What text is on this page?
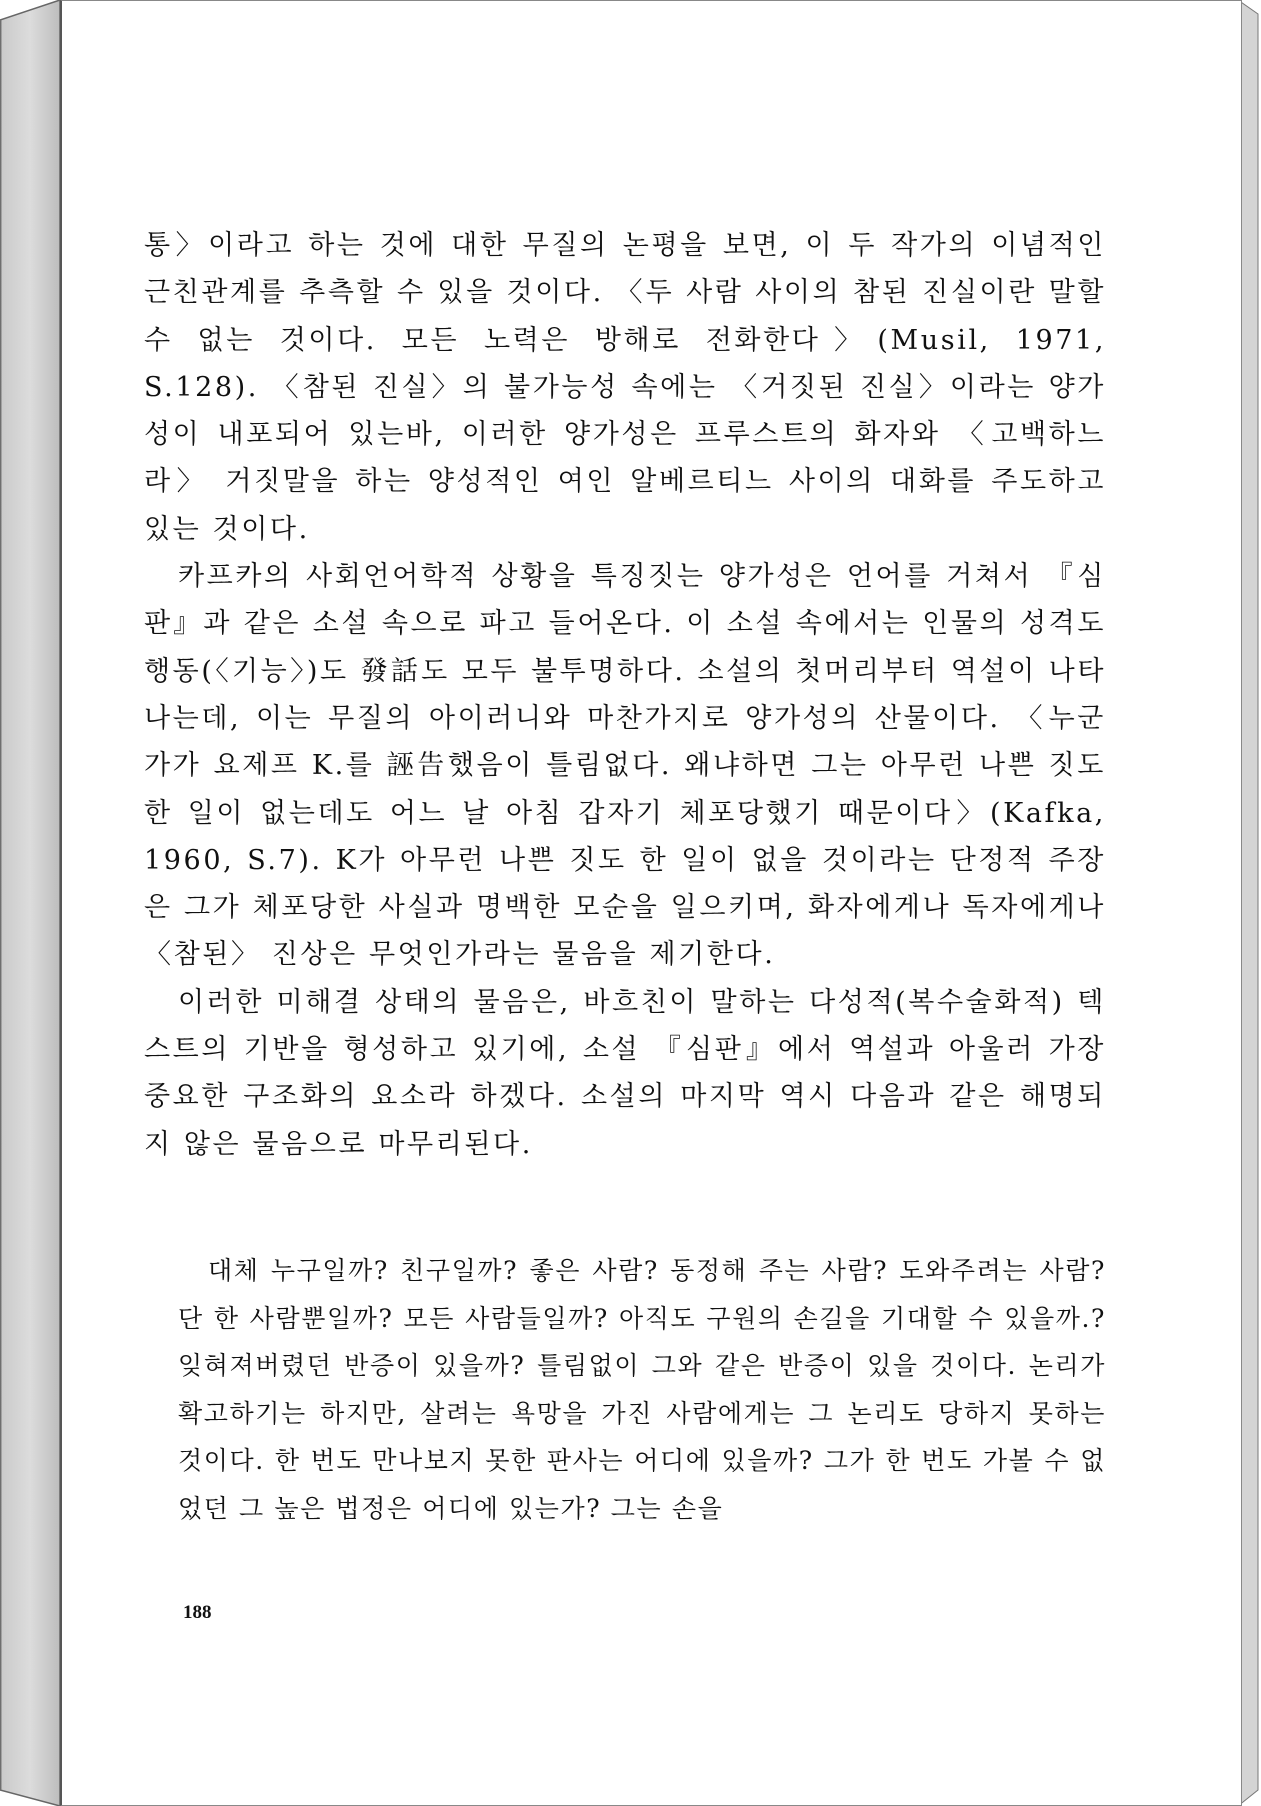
통〉이라고 하는 것에 대한 무질의 논평을 보면, 이 두 작가의 이념적인 근친관계를 추측할 수 있을 것이다. 〈두 사람 사이의 참된 진실이란 말할 수 없는 것이다. 모든 노력은 방해로 전화한다〉(Musil, 1971, S.128). 〈참된 진실〉의 불가능성 속에는 〈거짓된 진실〉이라는 양가성이 내포되어 있는바, 이러한 양가성은 프루스트의 화자와 〈고백하느라〉 거짓말을 하는 양성적인 여인 알베르티느 사이의 대화를 주도하고 있는 것이다.

카프카의 사회언어학적 상황을 특징짓는 양가성은 언어를 거쳐서 『심판』과 같은 소설 속으로 파고 들어온다. 이 소설 속에서는 인물의 성격도 행동(〈기능〉)도 發話도 모두 불투명하다. 소설의 첫머리부터 역설이 나타나는데, 이는 무질의 아이러니와 마찬가지로 양가성의 산물이다. 〈누군가가 요제프 K.를 誣告했음이 틀림없다. 왜냐하면 그는 아무런 나쁜 짓도 한 일이 없는데도 어느 날 아침 갑자기 체포당했기 때문이다〉(Kafka, 1960, S.7). K가 아무런 나쁜 짓도 한 일이 없을 것이라는 단정적 주장은 그가 체포당한 사실과 명백한 모순을 일으키며, 화자에게나 독자에게나 〈참된〉 진상은 무엇인가라는 물음을 제기한다.

이러한 미해결 상태의 물음은, 바흐친이 말하는 다성적(복수술화적) 텍스트의 기반을 형성하고 있기에, 소설 『심판』에서 역설과 아울러 가장 중요한 구조화의 요소라 하겠다. 소설의 마지막 역시 다음과 같은 해명되지 않은 물음으로 마무리된다.

대체 누구일까? 친구일까? 좋은 사람? 동정해 주는 사람? 도와주려는 사람? 단 한 사람뿐일까? 모든 사람들일까? 아직도 구원의 손길을 기대할 수 있을까.? 잊혀져버렸던 반증이 있을까? 틀림없이 그와 같은 반증이 있을 것이다. 논리가 확고하기는 하지만, 살려는 욕망을 가진 사람에게는 그 논리도 당하지 못하는 것이다. 한 번도 만나보지 못한 판사는 어디에 있을까? 그가 한 번도 가볼 수 없었던 그 높은 법정은 어디에 있는가? 그는 손을

188
